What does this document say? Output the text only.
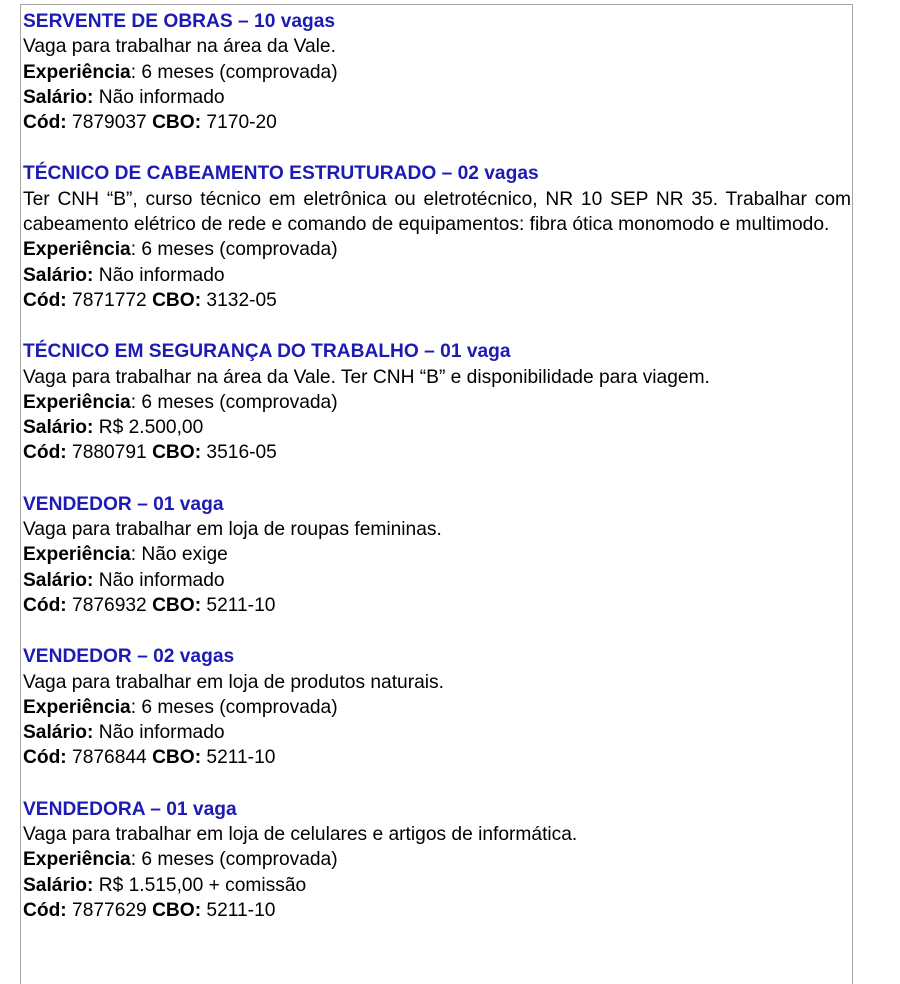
SERVENTE DE OBRAS – 10 vagas

Vaga para trabalhar na área da Vale.

Experiência: 6 meses (comprovada)

Salário: Não informado

Cód: 7879037 CBO: 7170-20

TÉCNICO DE CABEAMENTO ESTRUTURADO – 02 vagas

Ter CNH “B”, curso técnico em eletrônica ou eletrotécnico, NR 10 SEP NR 35. Trabalhar com cabeamento elétrico de rede e comando de equipamentos: fibra ótica monomodo e multimodo.

Experiência: 6 meses (comprovada)

Salário: Não informado

Cód: 7871772 CBO: 3132-05

TÉCNICO EM SEGURANÇA DO TRABALHO – 01 vaga

Vaga para trabalhar na área da Vale. Ter CNH “B” e disponibilidade para viagem.

Experiência: 6 meses (comprovada)

Salário: R$ 2.500,00

Cód: 7880791 CBO: 3516-05

VENDEDOR – 01 vaga

Vaga para trabalhar em loja de roupas femininas.

Experiência: Não exige

Salário: Não informado

Cód: 7876932 CBO: 5211-10

VENDEDOR – 02 vagas

Vaga para trabalhar em loja de produtos naturais.

Experiência: 6 meses (comprovada)

Salário: Não informado

Cód: 7876844 CBO: 5211-10

VENDEDORA – 01 vaga

Vaga para trabalhar em loja de celulares e artigos de informática.

Experiência: 6 meses (comprovada)

Salário: R$ 1.515,00 + comissão

Cód: 7877629 CBO: 5211-10
